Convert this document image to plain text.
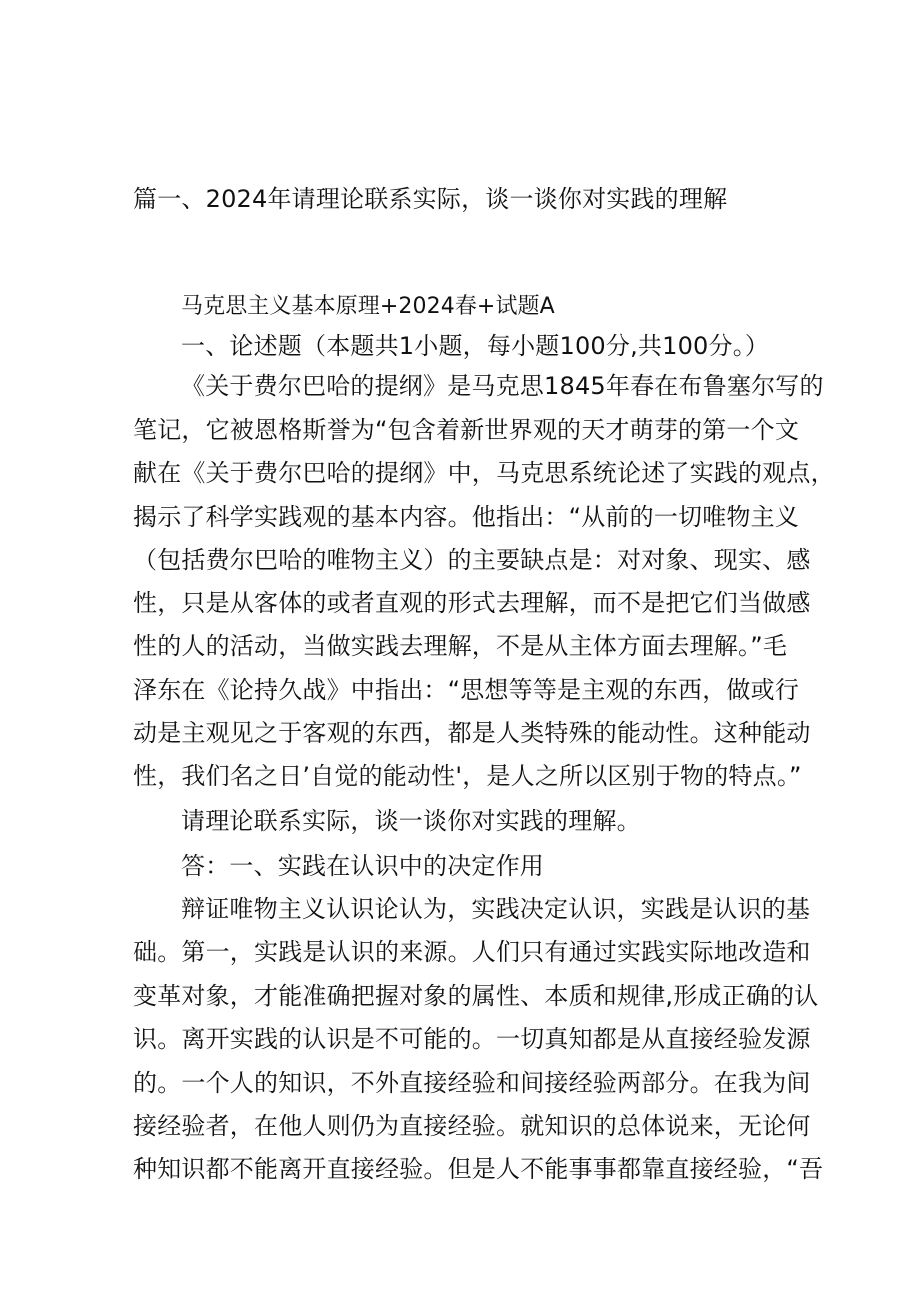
篇一、2024年请理论联系实际，谈一谈你对实践的理解
马克思主义基本原理+2024春+试题A
一、论述题（本题共1小题，每小题100分,共100分。）
《关于费尔巴哈的提纲》是马克思1845年春在布鲁塞尔写的
笔记，它被恩格斯誉为“包含着新世界观的天才萌芽的第一个文
献在《关于费尔巴哈的提纲》中，马克思系统论述了实践的观点，
揭示了科学实践观的基本内容。他指出：“从前的一切唯物主义
（包括费尔巴哈的唯物主义）的主要缺点是：对对象、现实、感
性，只是从客体的或者直观的形式去理解，而不是把它们当做感
性的人的活动，当做实践去理解，不是从主体方面去理解。”毛
泽东在《论持久战》中指出：“思想等等是主观的东西，做或行
动是主观见之于客观的东西，都是人类特殊的能动性。这种能动
性，我们名之日’自觉的能动性'，是人之所以区别于物的特点。”
请理论联系实际，谈一谈你对实践的理解。
答：一、实践在认识中的决定作用
辩证唯物主义认识论认为，实践决定认识，实践是认识的基
础。第一，实践是认识的来源。人们只有通过实践实际地改造和
变革对象，才能准确把握对象的属性、本质和规律,形成正确的认
识。离开实践的认识是不可能的。一切真知都是从直接经验发源
的。一个人的知识，不外直接经验和间接经验两部分。在我为间
接经验者，在他人则仍为直接经验。就知识的总体说来，无论何
种知识都不能离开直接经验。但是人不能事事都靠直接经验，“吾
